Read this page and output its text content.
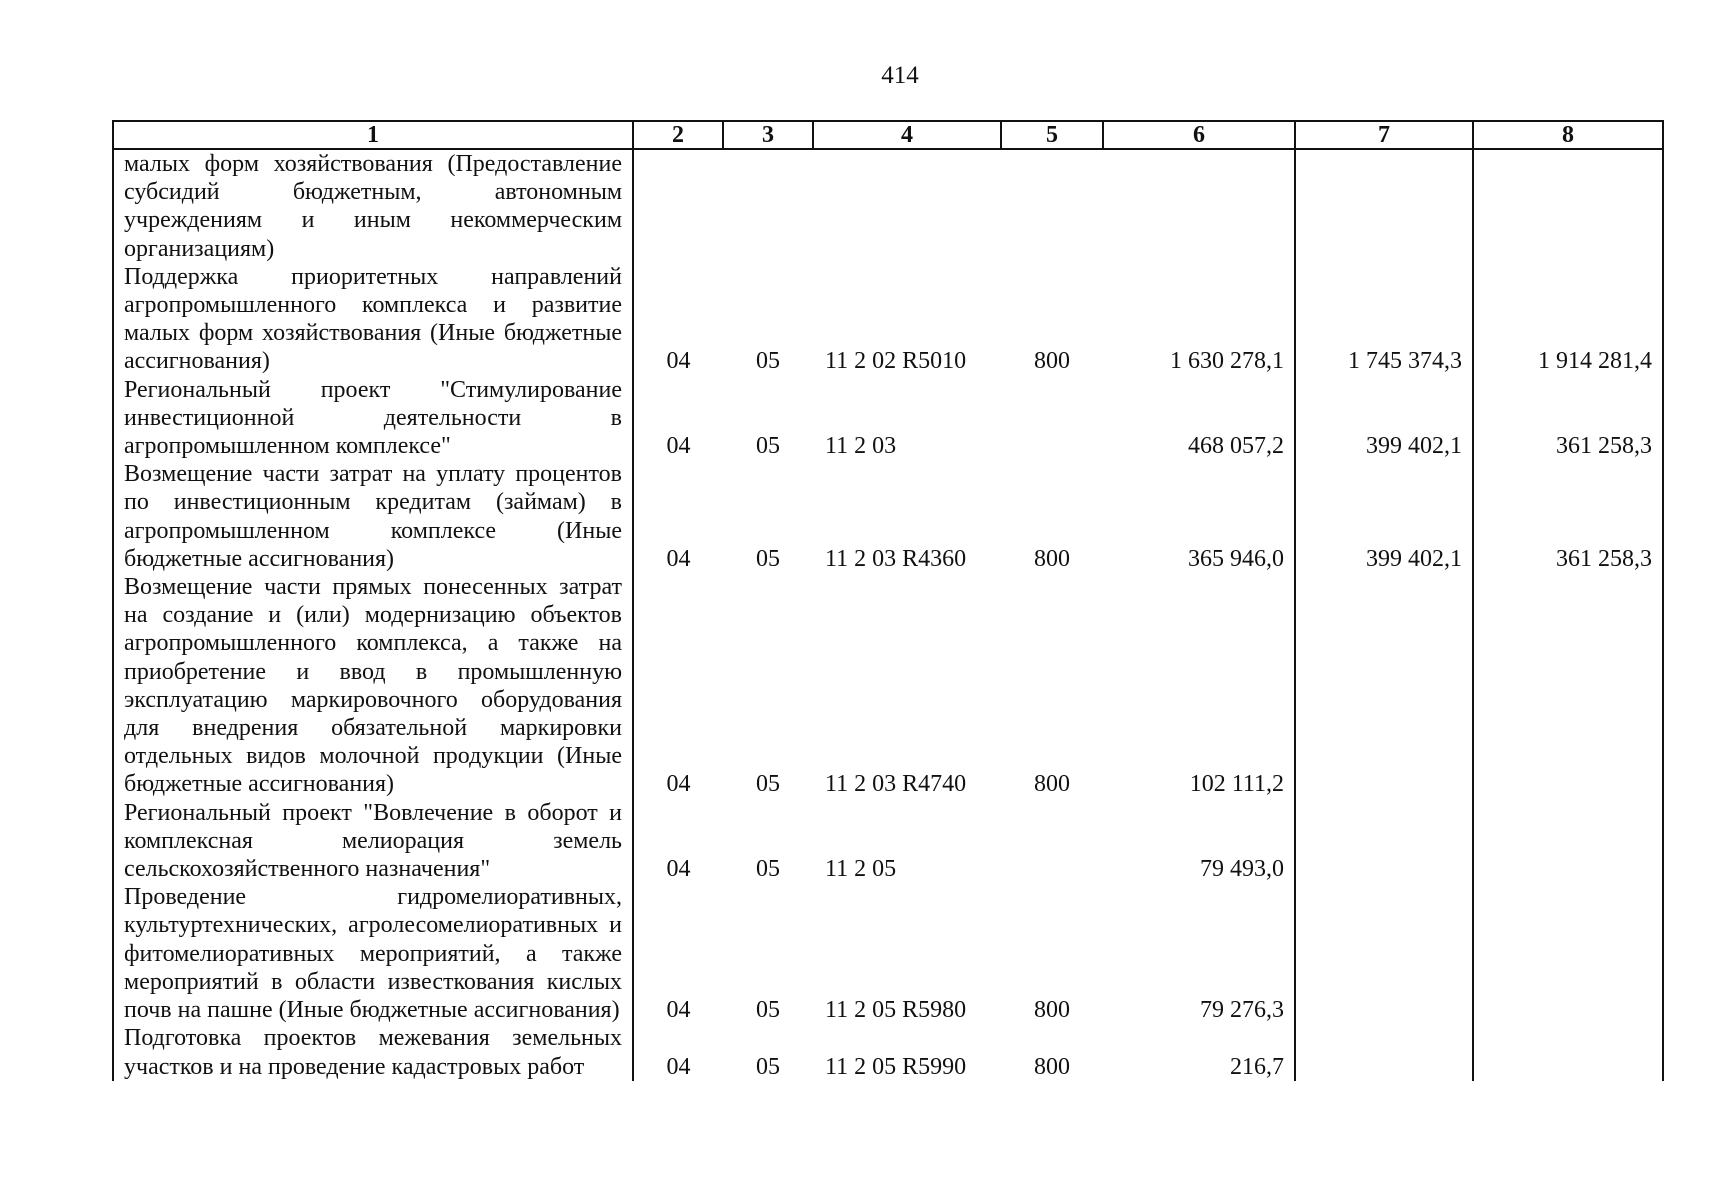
414
1	2	3	4	5	6	7	8
малых форм хозяйствования (Предоставление субсидий бюджетным, автономным учреждениям и иным некоммерческим организациям)							
Поддержка приоритетных направлений агропромышленного комплекса и развитие малых форм хозяйствования (Иные бюджетные ассигнования)	04	05	11 2 02 R5010	800	1 630 278,1	1 745 374,3	1 914 281,4
Региональный проект "Стимулирование инвестиционной деятельности в агропромышленном комплексе"	04	05	11 2 03		468 057,2	399 402,1	361 258,3
Возмещение части затрат на уплату процентов по инвестиционным кредитам (займам) в агропромышленном комплексе (Иные бюджетные ассигнования)	04	05	11 2 03 R4360	800	365 946,0	399 402,1	361 258,3
Возмещение части прямых понесенных затрат на создание и (или) модернизацию объектов агропромышленного комплекса, а также на приобретение и ввод в промышленную эксплуатацию маркировочного оборудования для внедрения обязательной маркировки отдельных видов молочной продукции (Иные бюджетные ассигнования)	04	05	11 2 03 R4740	800	102 111,2		
Региональный проект "Вовлечение в оборот и комплексная мелиорация земель сельскохозяйственного назначения"	04	05	11 2 05		79 493,0		
Проведение гидромелиоративных, культуртехнических, агролесомелиоративных и фитомелиоративных мероприятий, а также мероприятий в области известкования кислых почв на пашне (Иные бюджетные ассигнования)	04	05	11 2 05 R5980	800	79 276,3		
Подготовка проектов межевания земельных участков и на проведение кадастровых работ	04	05	11 2 05 R5990	800	216,7		
